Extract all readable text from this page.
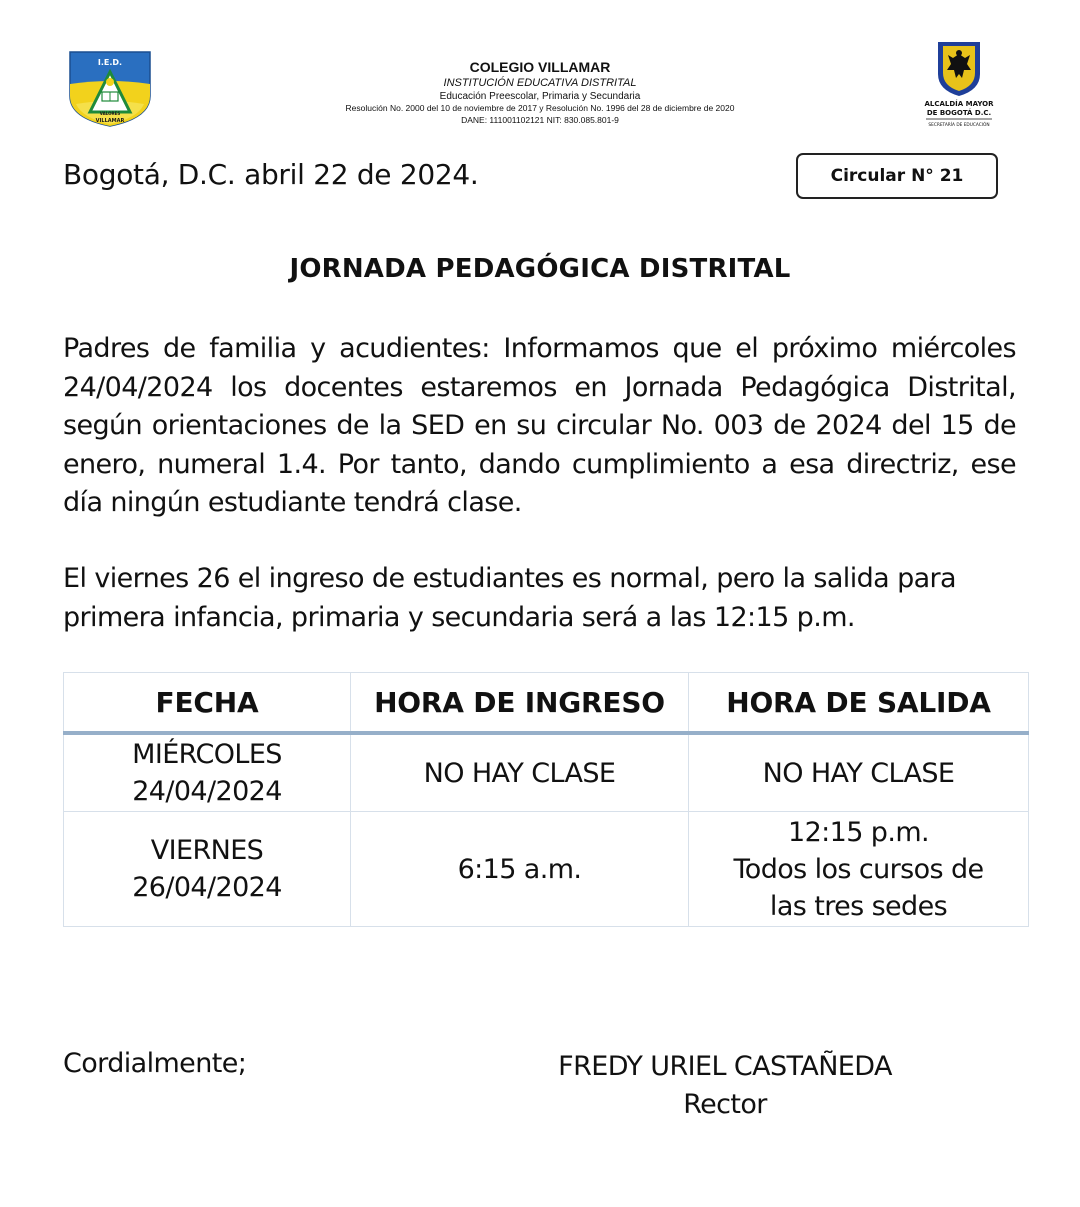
I.E.D.
VALORES
VILLAMAR
COLEGIO VILLAMAR
INSTITUCIÓN EDUCATIVA DISTRITAL
Educación Preescolar, Primaria y Secundaria
Resolución No. 2000 del 10 de noviembre de 2017 y Resolución No. 1996 del 28 de diciembre de 2020
DANE: 111001102121 NIT: 830.085.801-9
ALCALDÍA MAYOR
DE BOGOTÁ D.C.
SECRETARÍA DE EDUCACIÓN
Bogotá, D.C. abril 22 de 2024.	Circular N° 21
JORNADA PEDAGÓGICA DISTRITAL
Padres de familia y acudientes: Informamos que el próximo miércoles 24/04/2024 los docentes estaremos en Jornada Pedagógica Distrital, según orientaciones de la SED en su circular No. 003 de 2024 del 15 de enero, numeral 1.4. Por tanto, dando cumplimiento a esa directriz, ese día ningún estudiante tendrá clase.
El viernes 26 el ingreso de estudiantes es normal, pero la salida para primera infancia, primaria y secundaria será a las 12:15 p.m.
FECHA	HORA DE INGRESO	HORA DE SALIDA

MIÉRCOLES
24/04/2024	NO HAY CLASE	NO HAY CLASE

VIERNES
26/04/2024	6:15 a.m.	12:15 p.m.
Todos los cursos de
las tres sedes
Cordialmente;	FREDY URIEL CASTAÑEDA
Rector
